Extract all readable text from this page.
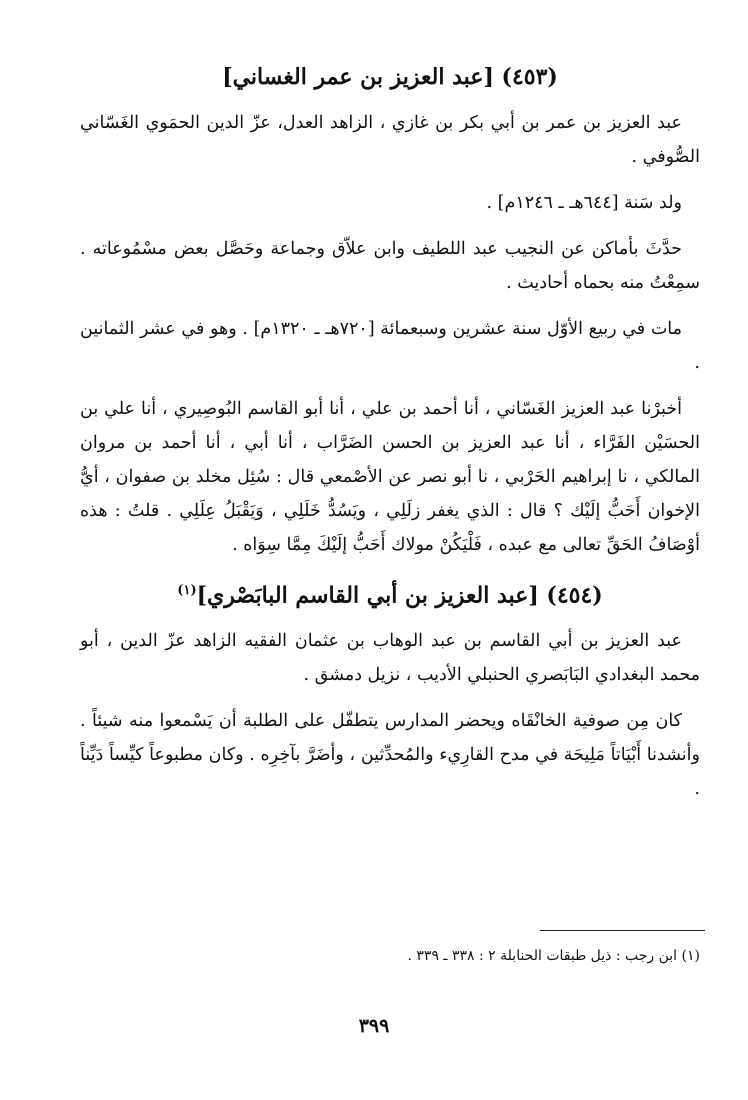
(٤٥٣) [عبد العزيز بن عمر الغساني]

عبد العزيز بن عمر بن أبي بكر بن غازي ، الزاهد العدل، عزّ الدين الحمَوي الغَسّاني الصُّوفي .

ولد سَنة [٦٤٤هـ ـ ١٢٤٦م] .

حدَّثَ بأماكن عن النجيب عبد اللطيف وابن علاّق وجماعة وحَصَّل بعض مسْمُوعاته . سمِعْتُ منه بحماه أحاديث .

مات في ربيع الأوّل سنة عشرين وسبعمائة [٧٢٠هـ ـ ١٣٢٠م] . وهو في عشر الثمانين .

أخبرْنا عبد العزيز الغَسّاني ، أنا أحمد بن علي ، أنا أبو القاسم البُوصِيري ، أنا علي بن الحسَيْن الفَرَّاء ، أنا عبد العزيز بن الحسن الضَرَّاب ، أنا أبي ، أنا أحمد بن مروان المالكي ، نا إبراهيم الحَرْبي ، نا أبو نصر عن الأصْمعي قال : سُئِل مخلد بن صفوان ، أيُّ الإخوان أَحَبُّ إلَيْك ؟ قال : الذي يغفر زلَلِي ، ويَسُدُّ خَلَلِي ، وَيَقْبَلُ عِلَلِي . قلتُ : هذه أوْصَافُ الحَقِّ تعالى مع عبده ، فَلْيَكُنْ مولاك أَحَبُّ إلَيْكَ مِمَّا سِوَاه .

(٤٥٤) [عبد العزيز بن أبي القاسم البابَصْري]$^{(١)}$

عبد العزيز بن أبي القاسم بن عبد الوهاب بن عثمان الفقيه الزاهد عزّ الدين ، أبو محمد البغدادي البَابَصري الحنبلي الأديب ، نزيل دمشق .

كان مِن صوفية الخانْقَاه ويحضر المدارس يتطفّل على الطلبة أن يَسْمعوا منه شيئاً . وأنشدنا أَبْيَاتاً مَلِيحَة في مدح القارِيء والمُحدِّثين ، وأضَرَّ بآخِرِه . وكان مطبوعاً كيِّساً دَيِّناً .

(١) ابن رجب : ذيل طبقات الحنابلة ٢ : ٣٣٨ ـ ٣٣٩ .
٣٩٩
